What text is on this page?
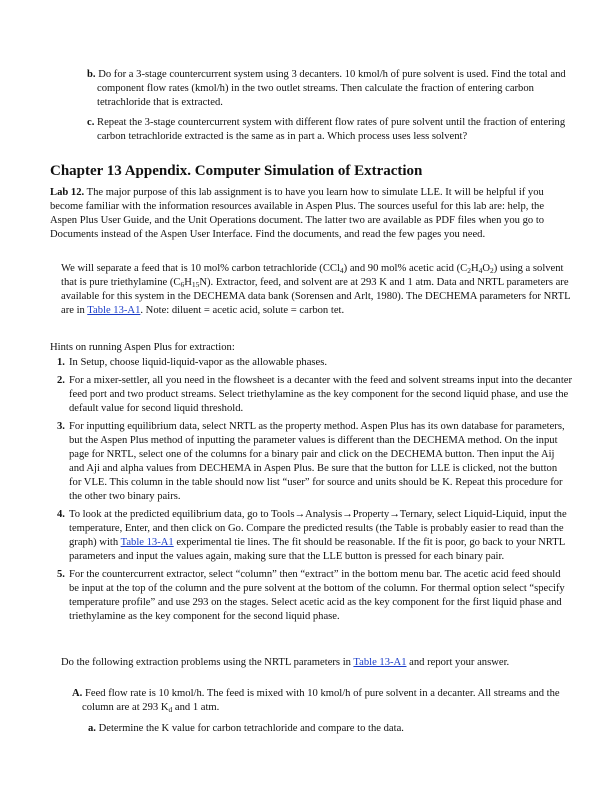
b. Do for a 3-stage countercurrent system using 3 decanters. 10 kmol/h of pure solvent is used. Find the total and component flow rates (kmol/h) in the two outlet streams. Then calculate the fraction of entering carbon tetrachloride that is extracted.

c. Repeat the 3-stage countercurrent system with different flow rates of pure solvent until the fraction of entering carbon tetrachloride extracted is the same as in part a. Which process uses less solvent?

Chapter 13 Appendix. Computer Simulation of Extraction

Lab 12. The major purpose of this lab assignment is to have you learn how to simulate LLE. It will be helpful if you become familiar with the information resources available in Aspen Plus. The sources useful for this lab are: help, the Aspen Plus User Guide, and the Unit Operations document. The latter two are available as PDF files when you go to Documents instead of the Aspen User Interface. Find the documents, and read the few pages you need.

We will separate a feed that is 10 mol% carbon tetrachloride (CCl$_4$) and 90 mol% acetic acid $(C_2H_4O_2)$ using a solvent that is pure triethylamine $(C_6H_{15}N)$. Extractor, feed, and solvent are at 293 K and 1 atm. Data and NRTL parameters are available for this system in the DECHEMA data bank (Sorensen and Arlt, 1980). The DECHEMA parameters for NRTL are in Table 13-A1. Note: diluent = acetic acid, solute = carbon tet.

Hints on running Aspen Plus for extraction:

1. In Setup, choose liquid-liquid-vapor as the allowable phases.
2. For a mixer-settler, all you need in the flowsheet is a decanter with the feed and solvent streams input into the decanter feed port and two product streams. Select triethylamine as the key component for the second liquid phase, and use the default value for second liquid threshold.
3. For inputting equilibrium data, select NRTL as the property method. Aspen Plus has its own database for parameters, but the Aspen Plus method of inputting the parameter values is different than the DECHEMA method. On the input page for NRTL, select one of the columns for a binary pair and click on the DECHEMA button. Then input the Aij and Aji and alpha values from DECHEMA in Aspen Plus. Be sure that the button for LLE is clicked, not the button for VLE. This column in the table should now list “user” for source and units should be K. Repeat this procedure for the other two binary pairs.
4. To look at the predicted equilibrium data, go to Tools→Analysis→Property→Ternary, select Liquid-Liquid, input the temperature, Enter, and then click on Go. Compare the predicted results (the Table is probably easier to read than the graph) with Table 13-A1 experimental tie lines. The fit should be reasonable. If the fit is poor, go back to your NRTL parameters and input the values again, making sure that the LLE button is pressed for each binary pair.
5. For the countercurrent extractor, select “column” then “extract” in the bottom menu bar. The acetic acid feed should be input at the top of the column and the pure solvent at the bottom of the column. For thermal option select “specify temperature profile” and use 293 on the stages. Select acetic acid as the key component for the first liquid phase and triethylamine as the key component for the second liquid phase.

Do the following extraction problems using the NRTL parameters in Table 13-A1 and report your answer.

A. Feed flow rate is 10 kmol/h. The feed is mixed with 10 kmol/h of pure solvent in a decanter. All streams and the column are at 293 $K_d$ and 1 atm.

a. Determine the K value for carbon tetrachloride and compare to the data.
